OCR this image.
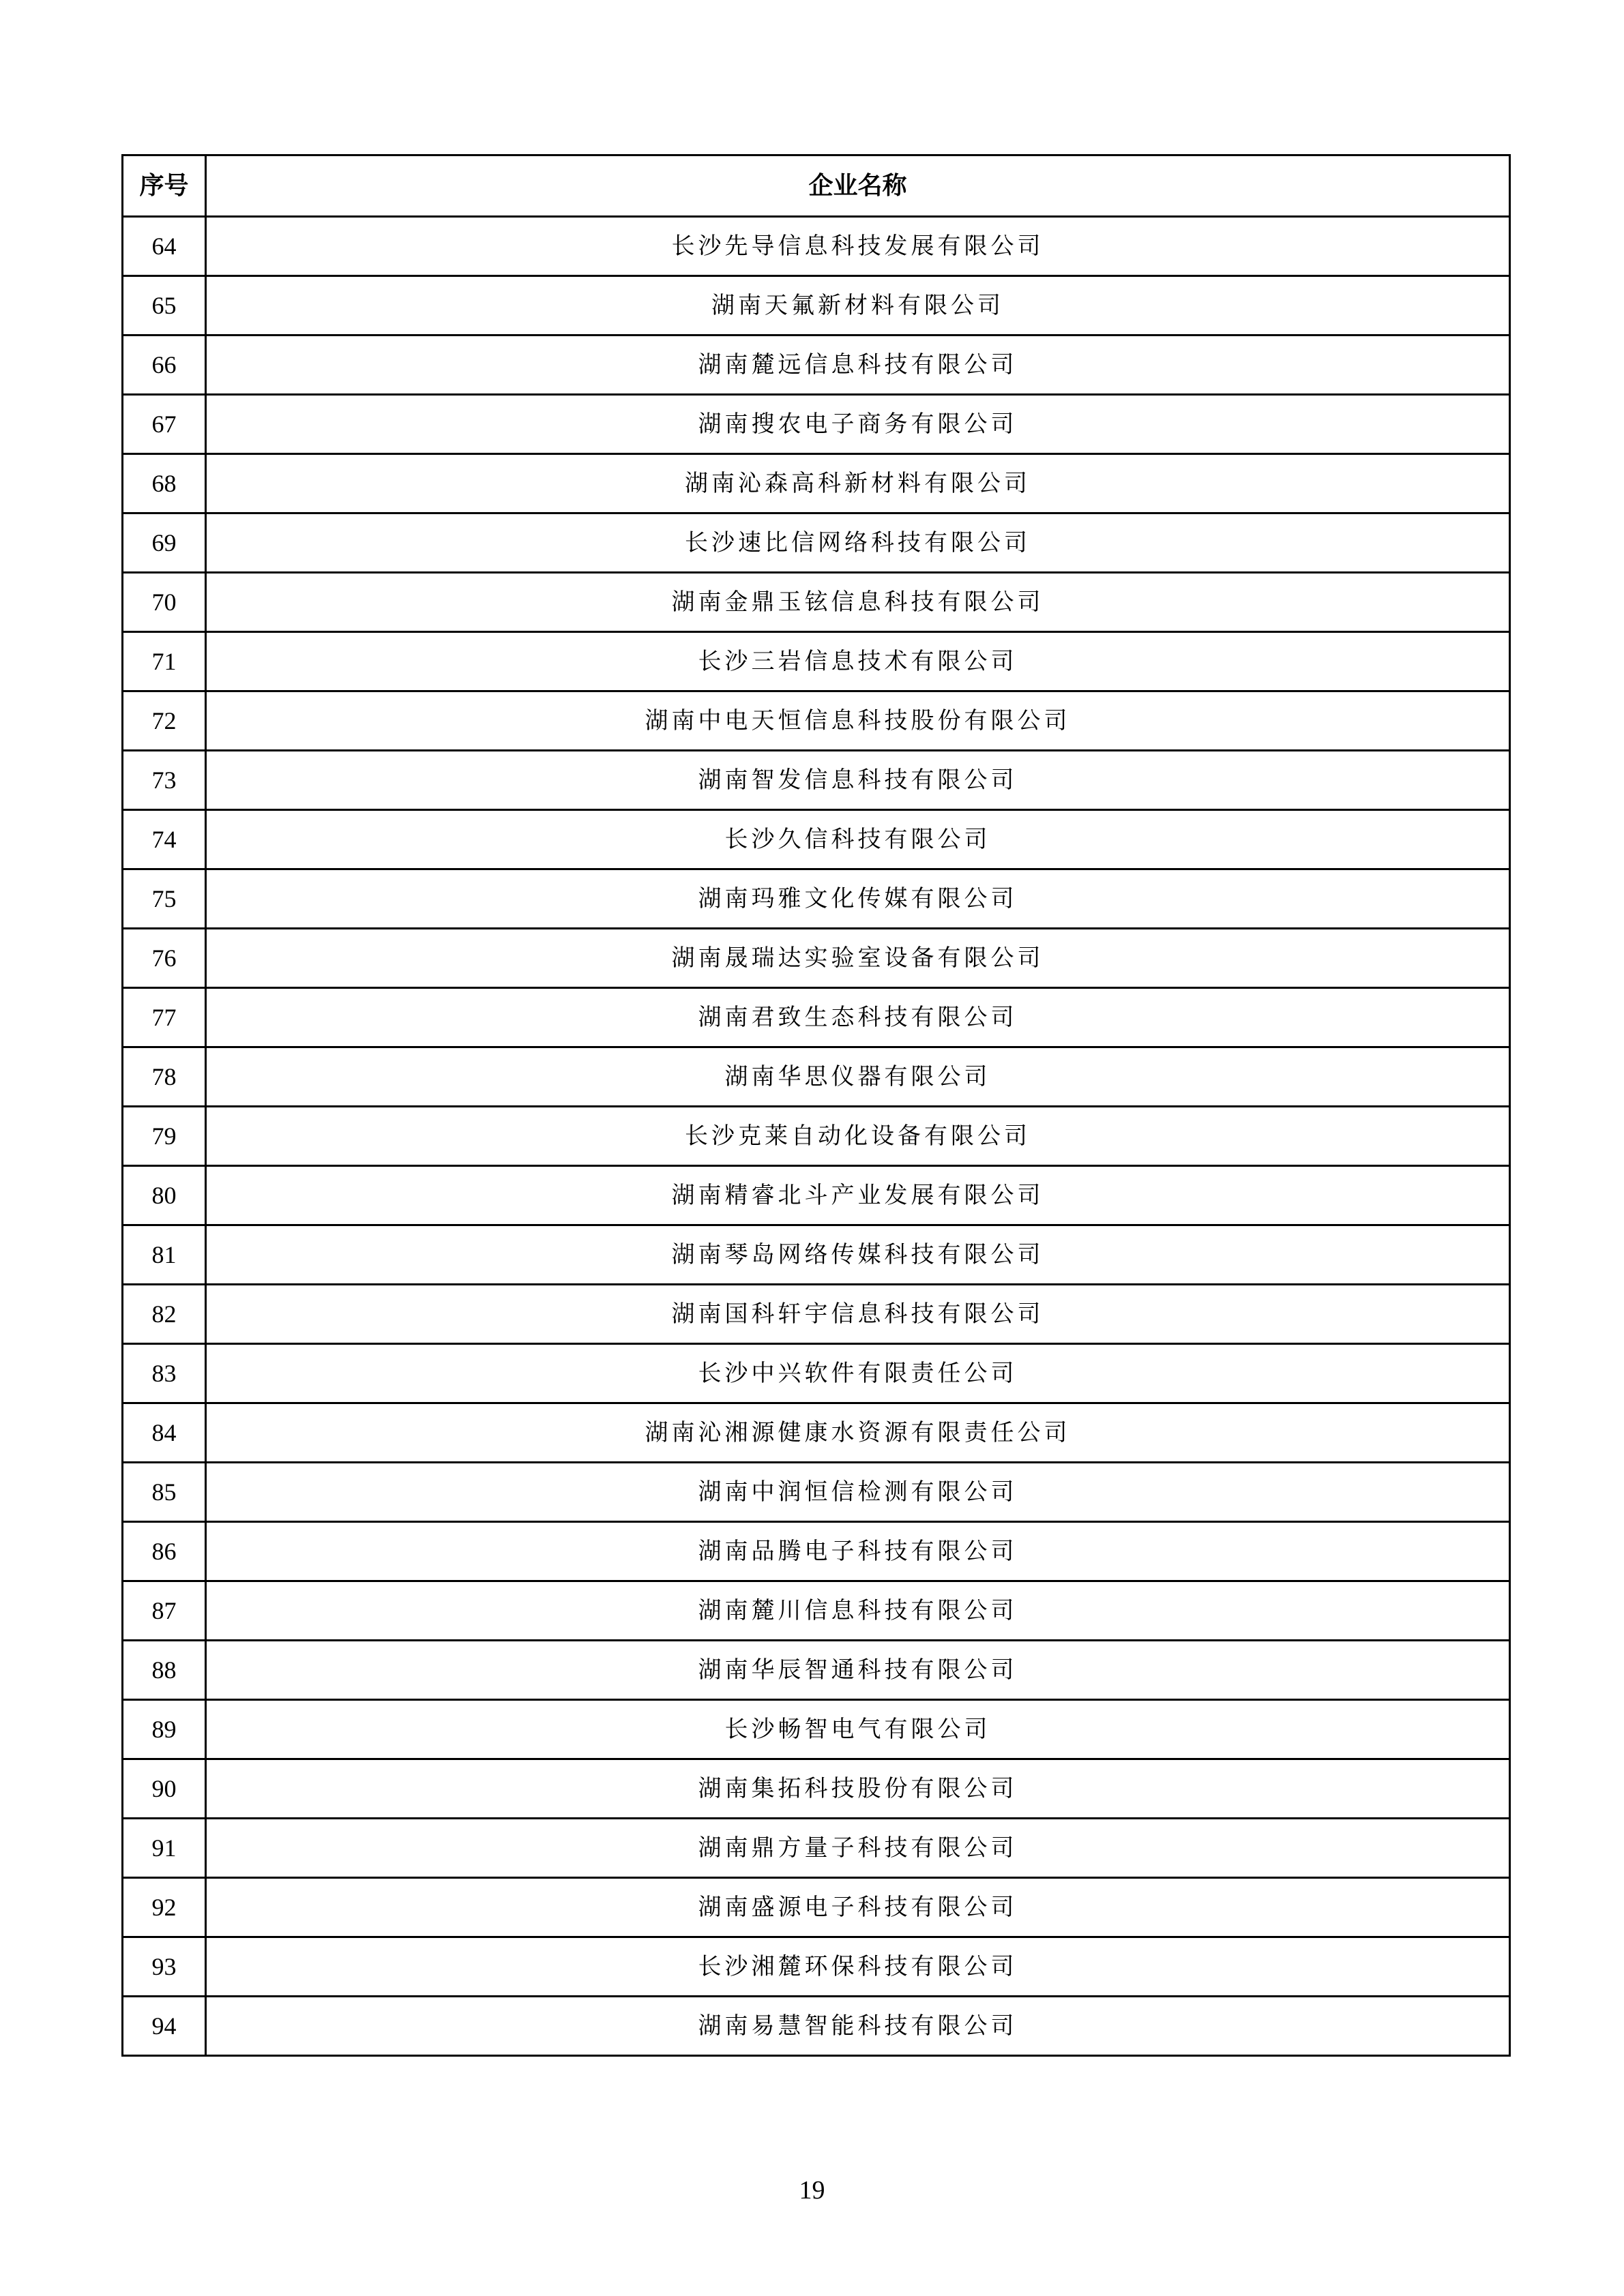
序号	企业名称
64	长沙先导信息科技发展有限公司
65	湖南天氟新材料有限公司
66	湖南麓远信息科技有限公司
67	湖南搜农电子商务有限公司
68	湖南沁森高科新材料有限公司
69	长沙速比信网络科技有限公司
70	湖南金鼎玉铉信息科技有限公司
71	长沙三岩信息技术有限公司
72	湖南中电天恒信息科技股份有限公司
73	湖南智发信息科技有限公司
74	长沙久信科技有限公司
75	湖南玛雅文化传媒有限公司
76	湖南晟瑞达实验室设备有限公司
77	湖南君致生态科技有限公司
78	湖南华思仪器有限公司
79	长沙克莱自动化设备有限公司
80	湖南精睿北斗产业发展有限公司
81	湖南琴岛网络传媒科技有限公司
82	湖南国科轩宇信息科技有限公司
83	长沙中兴软件有限责任公司
84	湖南沁湘源健康水资源有限责任公司
85	湖南中润恒信检测有限公司
86	湖南品腾电子科技有限公司
87	湖南麓川信息科技有限公司
88	湖南华辰智通科技有限公司
89	长沙畅智电气有限公司
90	湖南集拓科技股份有限公司
91	湖南鼎方量子科技有限公司
92	湖南盛源电子科技有限公司
93	长沙湘麓环保科技有限公司
94	湖南易慧智能科技有限公司
19
